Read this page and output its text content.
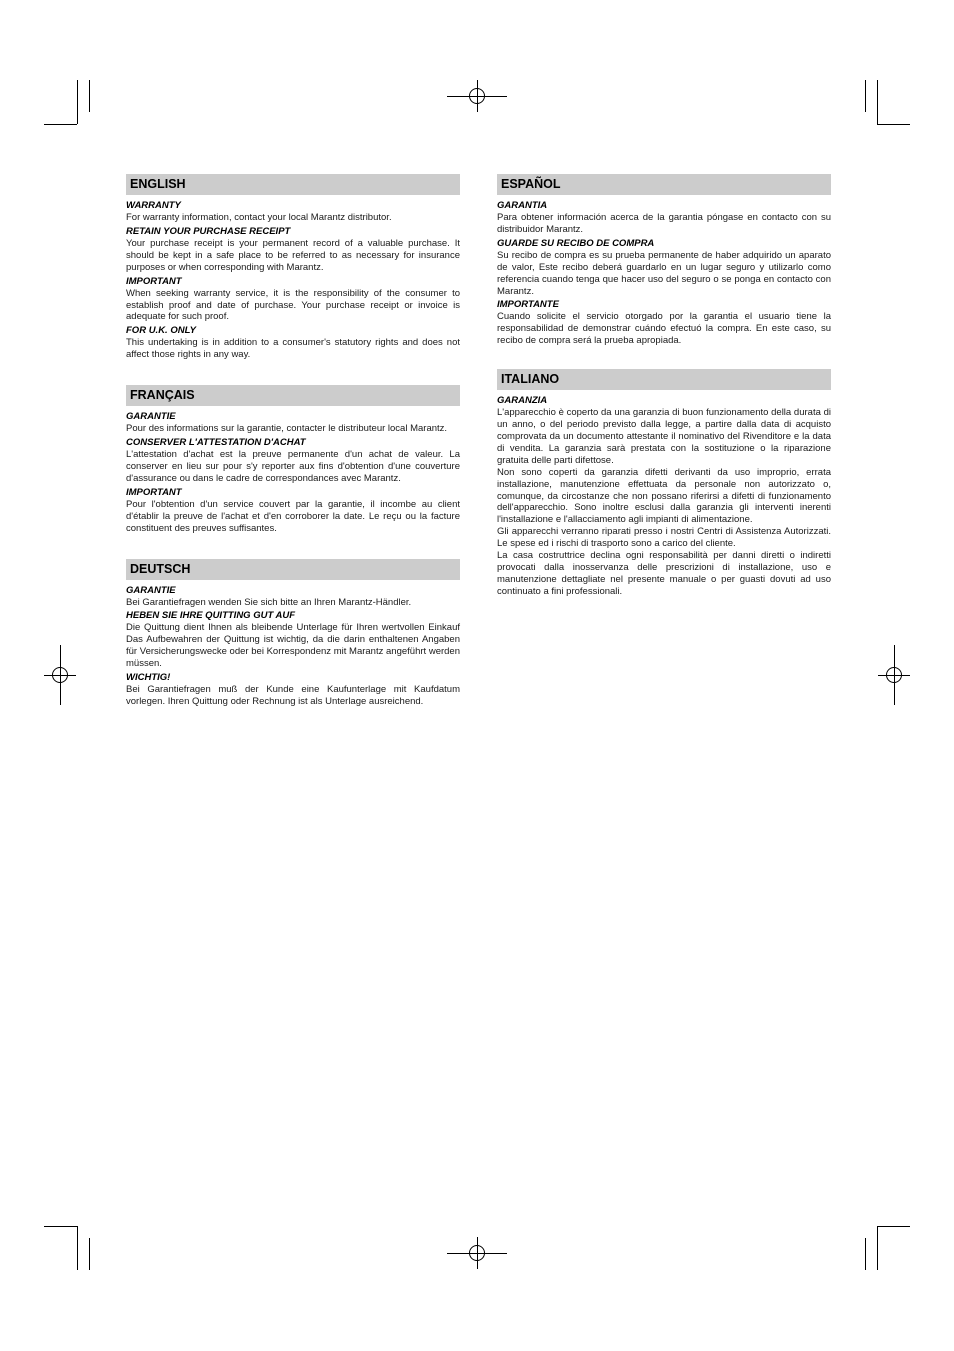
ENGLISH
WARRANTY

For warranty information, contact your local Marantz distributor.

RETAIN YOUR PURCHASE RECEIPT

Your purchase receipt is your permanent record of a valuable purchase. It should be kept in a safe place to be referred to as necessary for insurance purposes or when corresponding with Marantz.

IMPORTANT

When seeking warranty service, it is the responsibility of the consumer to establish proof and date of purchase. Your purchase receipt or invoice is adequate for such proof.

FOR U.K. ONLY

This undertaking is in addition to a consumer's statutory rights and does not affect those rights in any way.

FRANÇAIS
GARANTIE

Pour des informations sur la garantie, contacter le distributeur local Marantz.

CONSERVER L'ATTESTATION D'ACHAT

L'attestation d'achat est la preuve permanente d'un achat de valeur. La conserver en lieu sur pour s'y reporter aux fins d'obtention d'une couverture d'assurance ou dans le cadre de correspondances avec Marantz.

IMPORTANT

Pour l'obtention d'un service couvert par la garantie, il incombe au client d'établir la preuve de l'achat et d'en corroborer la date. Le reçu ou la facture constituent des preuves suffisantes.

DEUTSCH
GARANTIE

Bei Garantiefragen wenden Sie sich bitte an Ihren Marantz-Händler.

HEBEN SIE IHRE QUITTING GUT AUF

Die Quittung dient Ihnen als bleibende Unterlage für Ihren wertvollen Einkauf Das Aufbewahren der Quittung ist wichtig, da die darin enthaltenen Angaben für Versicherungswecke oder bei Korrespondenz mit Marantz angeführt werden müssen.

WICHTIG!

Bei Garantiefragen muß der Kunde eine Kaufunterlage mit Kaufdatum vorlegen. Ihren Quittung oder Rechnung ist als Unterlage ausreichend.

ESPAÑOL
GARANTIA

Para obtener información acerca de la garantia póngase en contacto con su distribuidor Marantz.

GUARDE SU RECIBO DE COMPRA

Su recibo de compra es su prueba permanente de haber adquirido un aparato de valor, Este recibo deberá guardarlo en un lugar seguro y utilizarlo como referencia cuando tenga que hacer uso del seguro o se ponga en contacto con Marantz.

IMPORTANTE

Cuando solicite el servicio otorgado por la garantia el usuario tiene la responsabilidad de demonstrar cuándo efectuó la compra. En este caso, su recibo de compra será la prueba apropiada.

ITALIANO
GARANZIA

L'apparecchio è coperto da una garanzia di buon funzionamento della durata di un anno, o del periodo previsto dalla legge, a partire dalla data di acquisto comprovata da un documento attestante il nominativo del Rivenditore e la data di vendita. La garanzia sarà prestata con la sostituzione o la riparazione gratuita delle parti difettose.

Non sono coperti da garanzia difetti derivanti da uso improprio, errata installazione, manutenzione effettuata da personale non autorizzato o, comunque, da circostanze che non possano riferirsi a difetti di funzionamento dell'apparecchio. Sono inoltre esclusi dalla garanzia gli interventi inerenti l'installazione e l'allacciamento agli impianti di alimentazione.

Gli apparecchi verranno riparati presso i nostri Centri di Assistenza Autorizzati. Le spese ed i rischi di trasporto sono a carico del cliente.

La casa costruttrice declina ogni responsabilità per danni diretti o indiretti provocati dalla inosservanza delle prescrizioni di installazione, uso e manutenzione dettagliate nel presente manuale o per guasti dovuti ad uso continuato a fini professionali.
